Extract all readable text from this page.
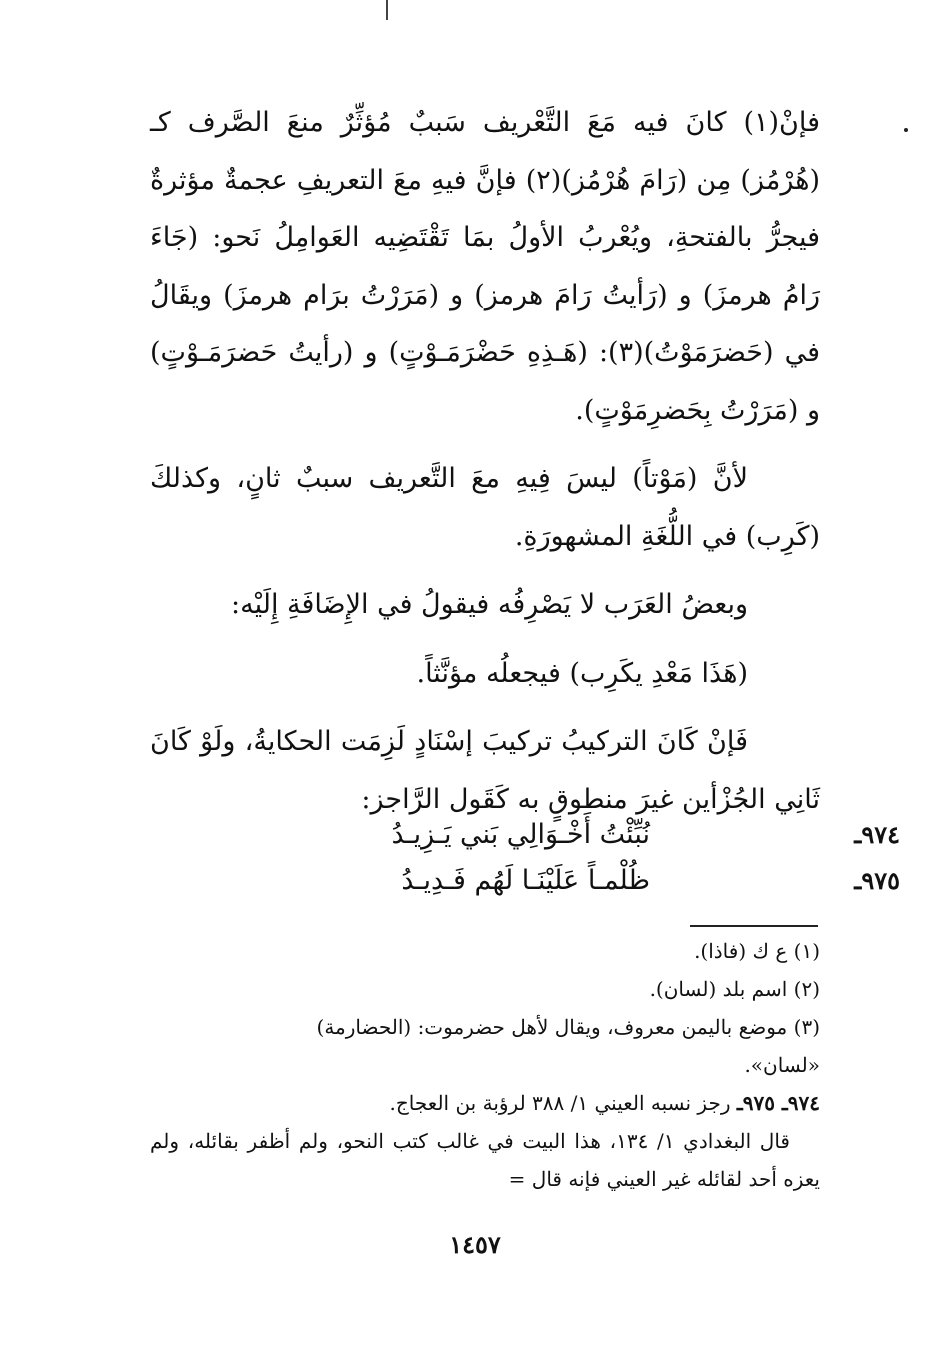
فإنْ(١) كانَ فيه مَعَ التَّعْريف سَببٌ مُؤثِّرٌ منعَ الصَّرف كـ (هُرْمُز) مِن (رَامَ هُرْمُز)(٢) فإنَّ فيهِ معَ التعريفِ عجمةٌ مؤثرةٌ فيجرُّ بالفتحةِ، ويُعْربُ الأولُ بمَا تَقْتَضِيه العَوامِلُ نَحو: (جَاءَ رَامُ هرمزَ) و (رَأيتُ رَامَ هرمز) و (مَرَرْتُ برَام هرمزَ) ويقَالُ في (حَضرَمَوْتُ)(٣): (هَـذِهِ حَضْرَمَـوْتٍ) و (رأيتُ حَضرَمَـوْتٍ) و (مَرَرْتُ بِحَضرِمَوْتٍ).

لأنَّ (مَوْتاً) ليسَ فِيهِ معَ التَّعريف سببٌ ثانٍ، وكذلكَ (كَرِب) في اللُّغَةِ المشهورَةِ.

وبعضُ العَرَب لا يَصْرِفُه فيقولُ في الإِضَافَةِ إِلَيْه:

(هَذَا مَعْدِ يكَرِب) فيجعلُه مؤنَّثاً.

فَإنْ كَانَ التركيبُ تركيبَ إسْنَادٍ لَزِمَت الحكايةُ، ولَوْ كَانَ ثَانِي الجُزْأين غيرَ منطوقٍ به كَقَول الرَّاجز:

٩٧٤ـ
نُبِّئْتُ أَخْـوَالِي بَني يَـزِيـدُ
٩٧٥ـ
ظُلْمـاً عَلَيْنَـا لَهُم فَـدِيـدُ

(١) ع ك (فاذا).

(٢) اسم بلد (لسان).

(٣) موضع باليمن معروف، ويقال لأهل حضرموت: (الحضارمة)

«لسان».

٩٧٤ـ ٩٧٥ـ رجز نسبه العيني ١/ ٣٨٨ لرؤبة بن العجاج.

قال البغدادي ١/ ١٣٤، هذا البيت في غالب كتب النحو، ولم أظفر بقائله، ولم يعزه أحد لقائله غير العيني فإنه قال =

١٤٥٧
